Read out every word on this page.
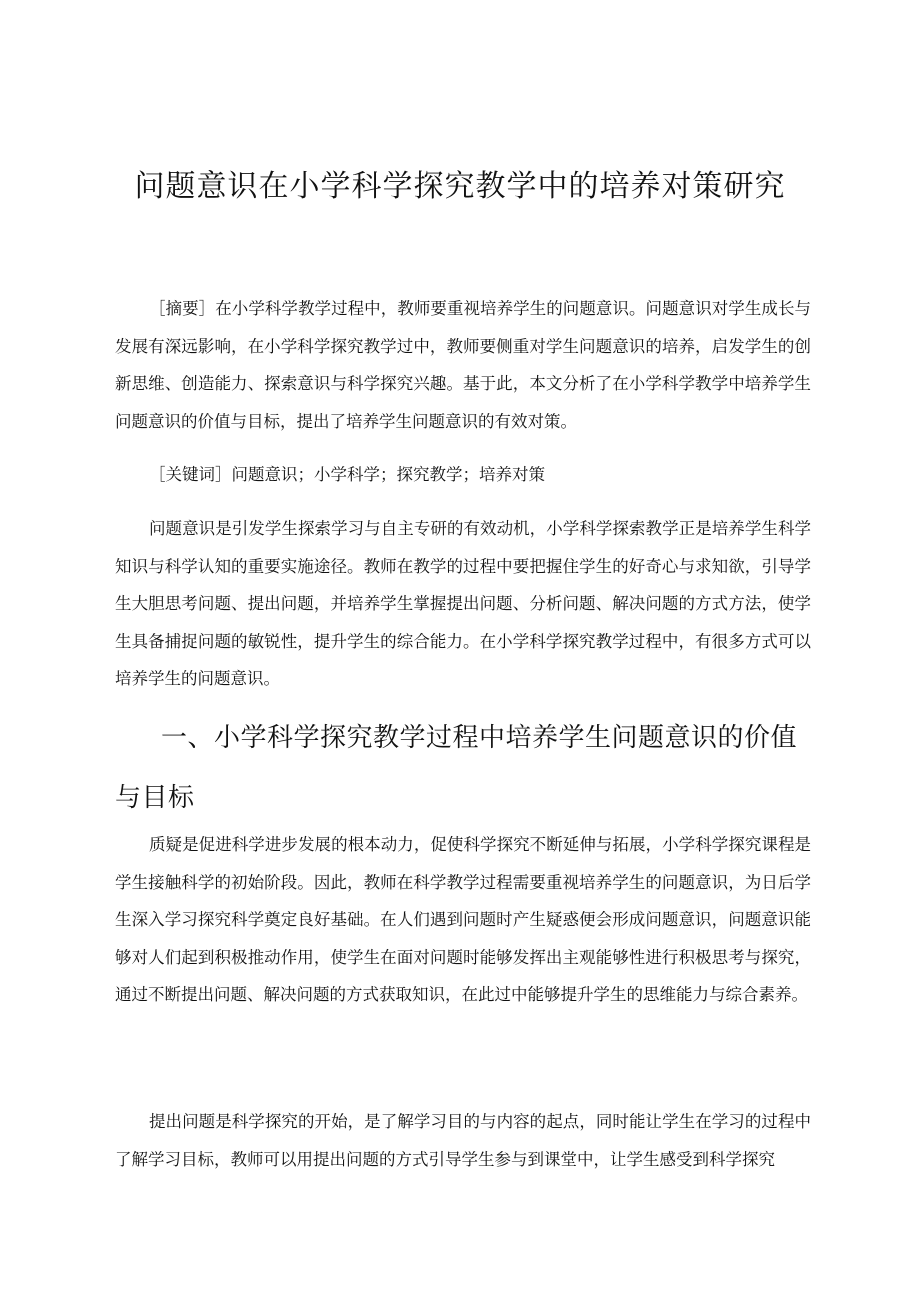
问题意识在小学科学探究教学中的培养对策研究

［摘要］在小学科学教学过程中，教师要重视培养学生的问题意识。问题意识对学生成长与发展有深远影响，在小学科学探究教学过中，教师要侧重对学生问题意识的培养，启发学生的创新思维、创造能力、探索意识与科学探究兴趣。基于此，本文分析了在小学科学教学中培养学生问题意识的价值与目标，提出了培养学生问题意识的有效对策。

［关键词］问题意识；小学科学；探究教学；培养对策

问题意识是引发学生探索学习与自主专研的有效动机，小学科学探索教学正是培养学生科学知识与科学认知的重要实施途径。教师在教学的过程中要把握住学生的好奇心与求知欲，引导学生大胆思考问题、提出问题，并培养学生掌握提出问题、分析问题、解决问题的方式方法，使学生具备捕捉问题的敏锐性，提升学生的综合能力。在小学科学探究教学过程中，有很多方式可以培养学生的问题意识。

一、小学科学探究教学过程中培养学生问题意识的价值与目标

质疑是促进科学进步发展的根本动力，促使科学探究不断延伸与拓展，小学科学探究课程是学生接触科学的初始阶段。因此，教师在科学教学过程需要重视培养学生的问题意识，为日后学生深入学习探究科学奠定良好基础。在人们遇到问题时产生疑惑便会形成问题意识，问题意识能够对人们起到积极推动作用，使学生在面对问题时能够发挥出主观能够性进行积极思考与探究，通过不断提出问题、解决问题的方式获取知识，在此过中能够提升学生的思维能力与综合素养。

提出问题是科学探究的开始，是了解学习目的与内容的起点，同时能让学生在学习的过程中了解学习目标，教师可以用提出问题的方式引导学生参与到课堂中，让学生感受到科学探究
